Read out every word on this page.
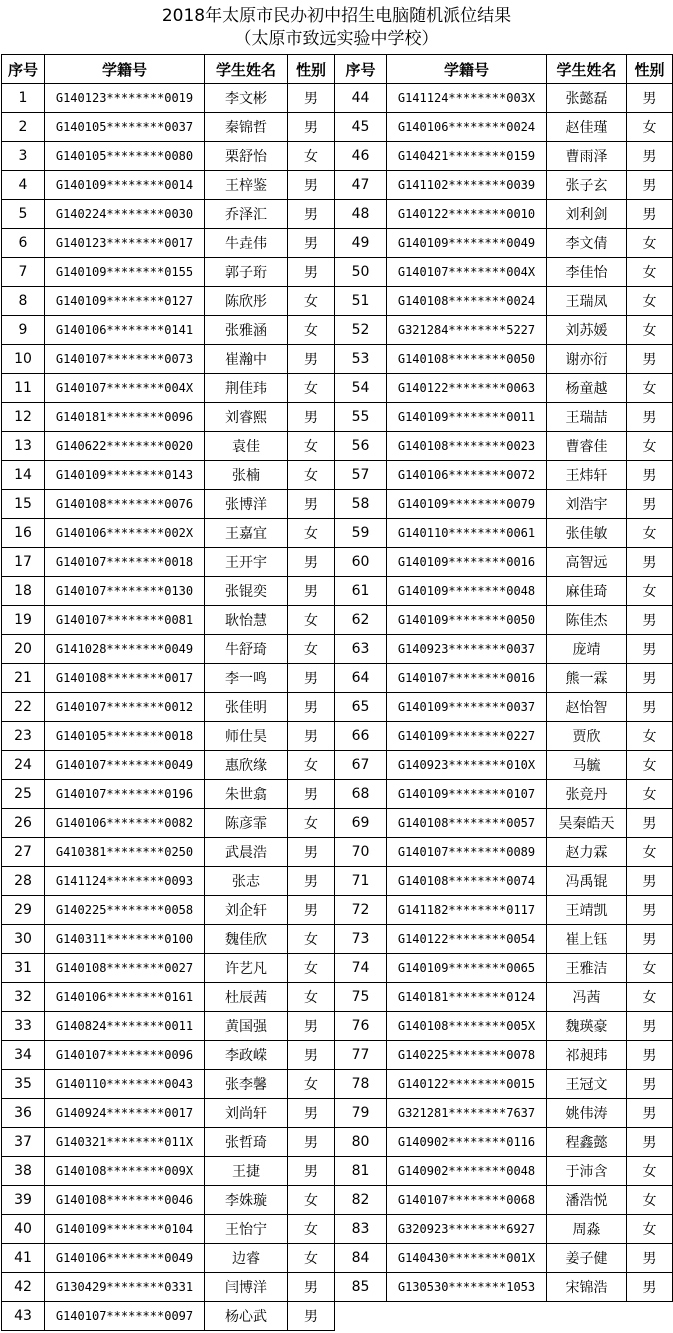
2018年太原市民办初中招生电脑随机派位结果
（太原市致远实验中学校）
序号	学籍号	学生姓名	性别	序号	学籍号	学生姓名	性别
1	G140123********0019	李文彬	男	44	G141124********003X	张懿磊	男
2	G140105********0037	秦锦哲	男	45	G140106********0024	赵佳瑾	女
3	G140105********0080	栗舒怡	女	46	G140421********0159	曹雨泽	男
4	G140109********0014	王梓鉴	男	47	G141102********0039	张子玄	男
5	G140224********0030	乔泽汇	男	48	G140122********0010	刘利剑	男
6	G140123********0017	牛垚伟	男	49	G140109********0049	李文倩	女
7	G140109********0155	郭子珩	男	50	G140107********004X	李佳怡	女
8	G140109********0127	陈欣彤	女	51	G140108********0024	王瑞凤	女
9	G140106********0141	张雅涵	女	52	G321284********5227	刘苏媛	女
10	G140107********0073	崔瀚中	男	53	G140108********0050	谢亦衍	男
11	G140107********004X	荆佳玮	女	54	G140122********0063	杨童越	女
12	G140181********0096	刘睿熙	男	55	G140109********0011	王瑞喆	男
13	G140622********0020	袁佳	女	56	G140108********0023	曹睿佳	女
14	G140109********0143	张楠	女	57	G140106********0072	王炜轩	男
15	G140108********0076	张博洋	男	58	G140109********0079	刘浩宇	男
16	G140106********002X	王嘉宜	女	59	G140110********0061	张佳敏	女
17	G140107********0018	王开宇	男	60	G140109********0016	高智远	男
18	G140107********0130	张锟奕	男	61	G140109********0048	麻佳琦	女
19	G140107********0081	耿怡慧	女	62	G140109********0050	陈佳杰	男
20	G141028********0049	牛舒琦	女	63	G140923********0037	庞靖	男
21	G140108********0017	李一鸣	男	64	G140107********0016	熊一霖	男
22	G140107********0012	张佳明	男	65	G140109********0037	赵怡智	男
23	G140105********0018	师仕昊	男	66	G140109********0227	贾欣	女
24	G140107********0049	惠欣缘	女	67	G140923********010X	马毓	女
25	G140107********0196	朱世翕	男	68	G140109********0107	张竞丹	女
26	G140106********0082	陈彦霏	女	69	G140108********0057	吴秦皓天	男
27	G410381********0250	武晨浩	男	70	G140107********0089	赵力霖	女
28	G141124********0093	张志	男	71	G140108********0074	冯禹锟	男
29	G140225********0058	刘企轩	男	72	G141182********0117	王靖凯	男
30	G140311********0100	魏佳欣	女	73	G140122********0054	崔上钰	男
31	G140108********0027	许艺凡	女	74	G140109********0065	王雅洁	女
32	G140106********0161	杜辰茜	女	75	G140181********0124	冯茜	女
33	G140824********0011	黄国强	男	76	G140108********005X	魏瑛豪	男
34	G140107********0096	李政嵘	男	77	G140225********0078	祁昶玮	男
35	G140110********0043	张李馨	女	78	G140122********0015	王冠文	男
36	G140924********0017	刘尚轩	男	79	G321281********7637	姚伟涛	男
37	G140321********011X	张哲琦	男	80	G140902********0116	程鑫懿	男
38	G140108********009X	王捷	男	81	G140902********0048	于沛含	女
39	G140108********0046	李姝璇	女	82	G140107********0068	潘浩悦	女
40	G140109********0104	王怡宁	女	83	G320923********6927	周淼	女
41	G140106********0049	边睿	女	84	G140430********001X	姜子健	男
42	G130429********0331	闫博洋	男	85	G130530********1053	宋锦浩	男
43	G140107********0097	杨心武	男				
